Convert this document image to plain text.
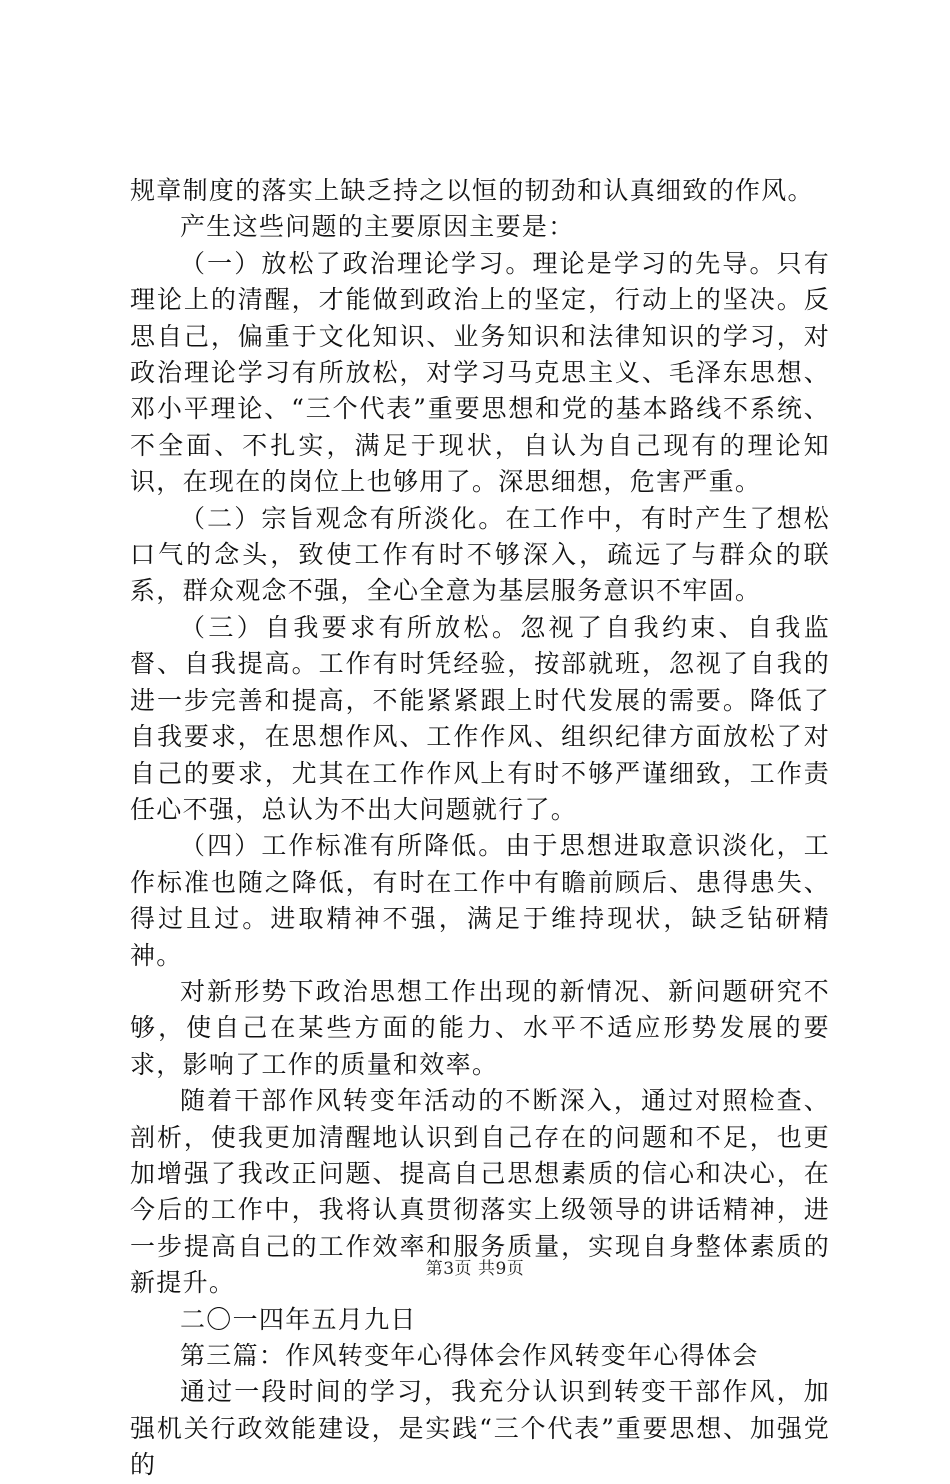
规章制度的落实上缺乏持之以恒的韧劲和认真细致的作风。

产生这些问题的主要原因主要是：

（一）放松了政治理论学习。理论是学习的先导。只有理论上的清醒，才能做到政治上的坚定，行动上的坚决。反思自己，偏重于文化知识、业务知识和法律知识的学习，对政治理论学习有所放松，对学习马克思主义、毛泽东思想、邓小平理论、“三个代表”重要思想和党的基本路线不系统、不全面、不扎实，满足于现状，自认为自己现有的理论知识，在现在的岗位上也够用了。深思细想，危害严重。

（二）宗旨观念有所淡化。在工作中，有时产生了想松口气的念头，致使工作有时不够深入，疏远了与群众的联系，群众观念不强，全心全意为基层服务意识不牢固。

（三）自我要求有所放松。忽视了自我约束、自我监督、自我提高。工作有时凭经验，按部就班，忽视了自我的进一步完善和提高，不能紧紧跟上时代发展的需要。降低了自我要求，在思想作风、工作作风、组织纪律方面放松了对自己的要求，尤其在工作作风上有时不够严谨细致，工作责任心不强，总认为不出大问题就行了。

（四）工作标准有所降低。由于思想进取意识淡化，工作标准也随之降低，有时在工作中有瞻前顾后、患得患失、得过且过。进取精神不强，满足于维持现状，缺乏钻研精神。

对新形势下政治思想工作出现的新情况、新问题研究不够，使自己在某些方面的能力、水平不适应形势发展的要求，影响了工作的质量和效率。

随着干部作风转变年活动的不断深入，通过对照检查、剖析，使我更加清醒地认识到自己存在的问题和不足，也更加增强了我改正问题、提高自己思想素质的信心和决心，在今后的工作中，我将认真贯彻落实上级领导的讲话精神，进一步提高自己的工作效率和服务质量，实现自身整体素质的新提升。

二〇一四年五月九日

第三篇：作风转变年心得体会作风转变年心得体会

通过一段时间的学习，我充分认识到转变干部作风，加强机关行政效能建设，是实践“三个代表”重要思想、加强党的

第3页 共9页
